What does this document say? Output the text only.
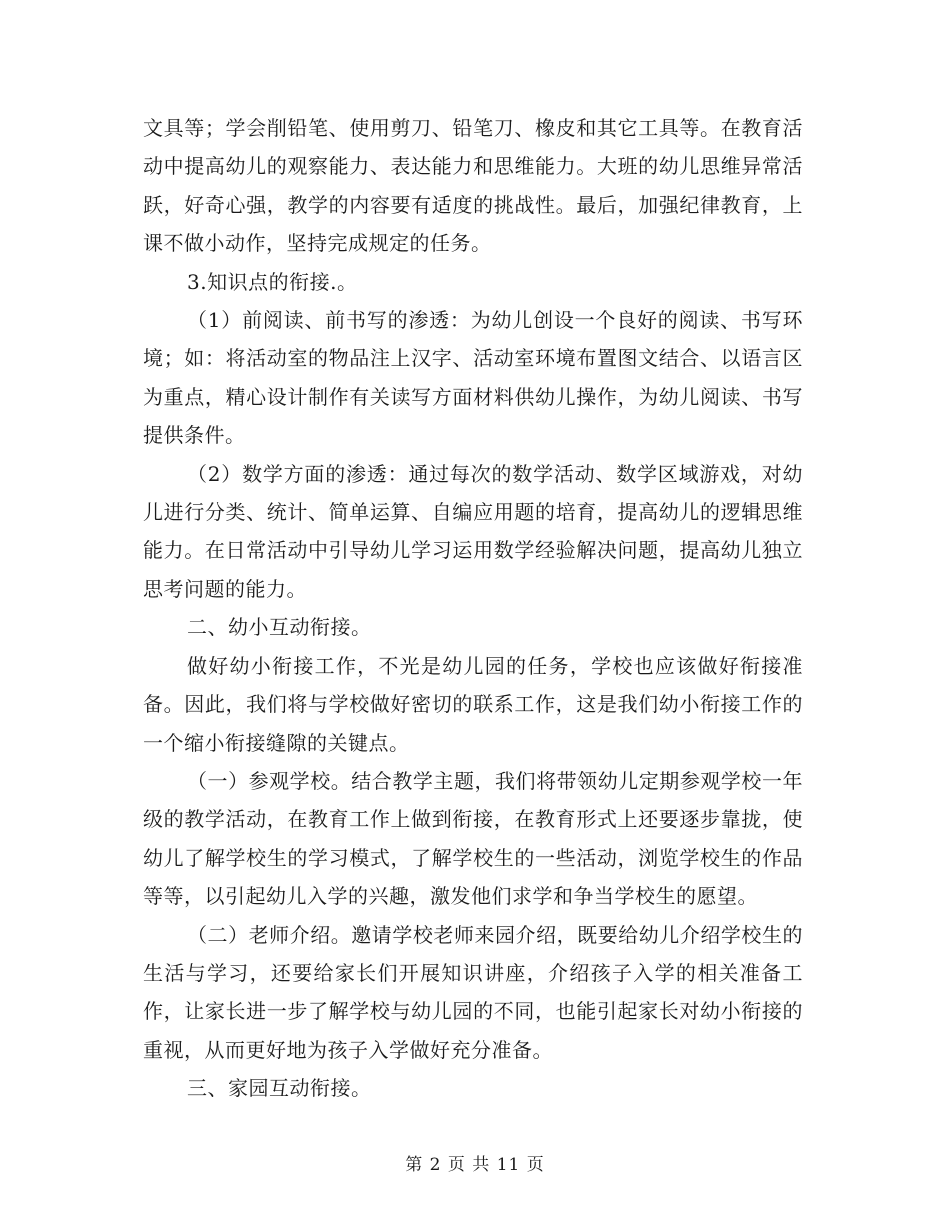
文具等；学会削铅笔、使用剪刀、铅笔刀、橡皮和其它工具等。在教育活动中提高幼儿的观察能力、表达能力和思维能力。大班的幼儿思维异常活跃，好奇心强，教学的内容要有适度的挑战性。最后，加强纪律教育，上课不做小动作，坚持完成规定的任务。

3.知识点的衔接.。

（1）前阅读、前书写的渗透：为幼儿创设一个良好的阅读、书写环境；如：将活动室的物品注上汉字、活动室环境布置图文结合、以语言区为重点，精心设计制作有关读写方面材料供幼儿操作，为幼儿阅读、书写提供条件。

（2）数学方面的渗透：通过每次的数学活动、数学区域游戏，对幼儿进行分类、统计、简单运算、自编应用题的培育，提高幼儿的逻辑思维能力。在日常活动中引导幼儿学习运用数学经验解决问题，提高幼儿独立思考问题的能力。

二、幼小互动衔接。

做好幼小衔接工作，不光是幼儿园的任务，学校也应该做好衔接准备。因此，我们将与学校做好密切的联系工作，这是我们幼小衔接工作的一个缩小衔接缝隙的关键点。

（一）参观学校。结合教学主题，我们将带领幼儿定期参观学校一年级的教学活动，在教育工作上做到衔接，在教育形式上还要逐步靠拢，使幼儿了解学校生的学习模式，了解学校生的一些活动，浏览学校生的作品等等，以引起幼儿入学的兴趣，激发他们求学和争当学校生的愿望。

（二）老师介绍。邀请学校老师来园介绍，既要给幼儿介绍学校生的生活与学习，还要给家长们开展知识讲座，介绍孩子入学的相关准备工作，让家长进一步了解学校与幼儿园的不同，也能引起家长对幼小衔接的重视，从而更好地为孩子入学做好充分准备。

三、家园互动衔接。

第 2 页 共 11 页
